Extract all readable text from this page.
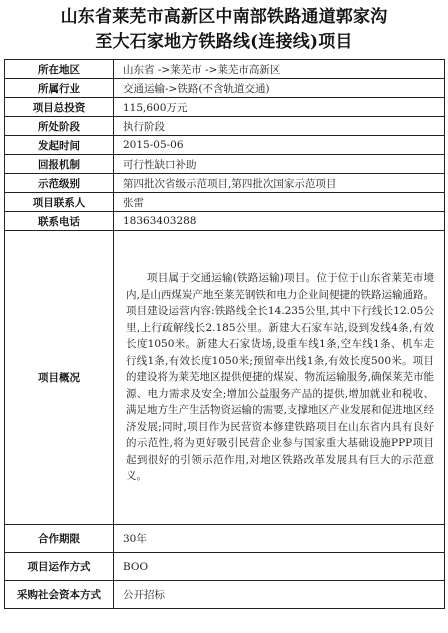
山东省莱芜市高新区中南部铁路通道郭家沟
至大石家地方铁路线(连接线)项目
所在地区	山东省 ->莱芜市 ->莱芜市高新区
所属行业	交通运输->铁路(不含轨道交通)
项目总投资	115,600万元
所处阶段	执行阶段
发起时间	2015-05-06
回报机制	可行性缺口补助
示范级别	第四批次省级示范项目,第四批次国家示范项目
项目联系人	张雷
联系电话	18363403288
项目概况	项目属于交通运输(铁路运输)项目。位于位于山东省莱芜市境内,是山西煤炭产地至莱芜钢铁和电力企业间便捷的铁路运输通路。项目建设运营内容:铁路线全长14.235公里,其中下行线长12.05公里,上行疏解线长2.185公里。新建大石家车站,设到发线4条,有效长度1050米。新建大石家货场,设重车线1条,空车线1条、机车走行线1条,有效长度1050米;预留牵出线1条,有效长度500米。项目的建设将为莱芜地区提供便捷的煤炭、物流运输服务,确保莱芜市能源、电力需求及安全;增加公益服务产品的提供,增加就业和税收、满足地方生产生活物资运输的需要,支撑地区产业发展和促进地区经济发展;同时,项目作为民营资本修建铁路项目在山东省内具有良好的示范性,将为更好吸引民营企业参与国家重大基础设施PPP项目起到很好的引领示范作用,对地区铁路改革发展具有巨大的示范意义。

合作期限	30年
项目运作方式	BOO
采购社会资本方式	公开招标
